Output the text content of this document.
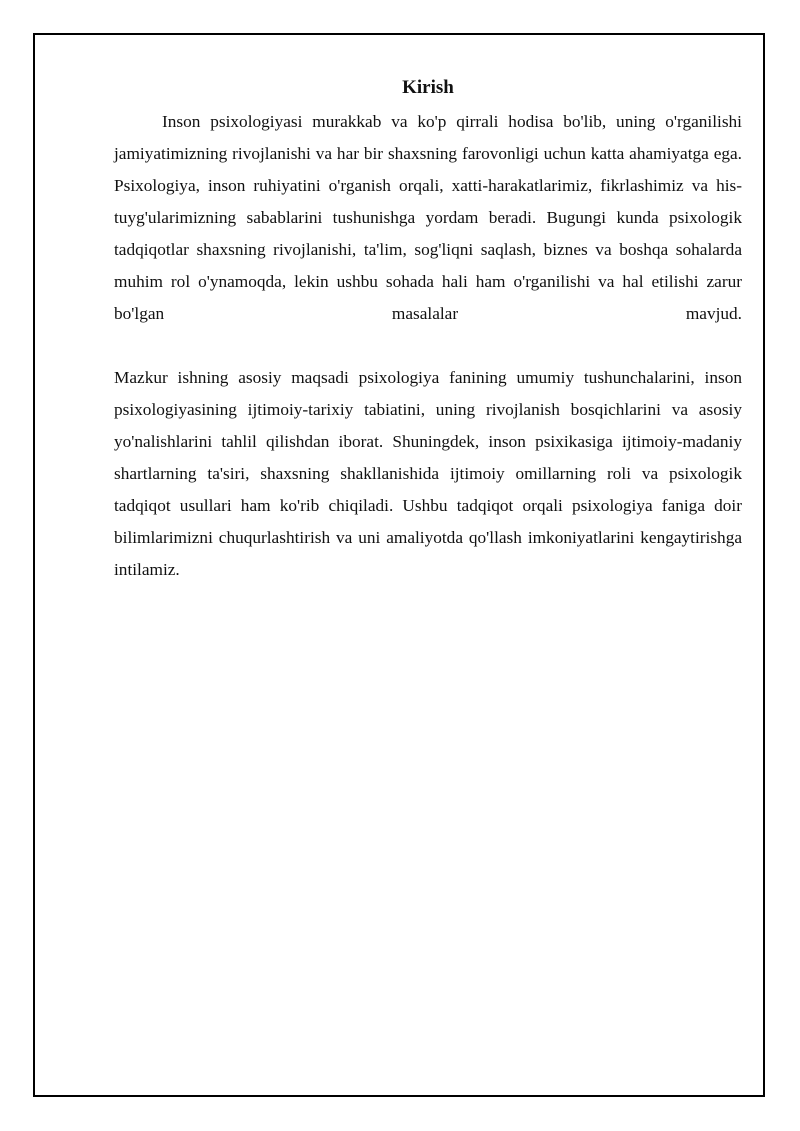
Kirish

Inson psixologiyasi murakkab va ko'p qirrali hodisa bo'lib, uning o'rganilishi jamiyatimizning rivojlanishi va har bir shaxsning farovonligi uchun katta ahamiyatga ega. Psixologiya, inson ruhiyatini o'rganish orqali, xatti-harakatlarimiz, fikrlashimiz va his-tuyg'ularimizning sabablarini tushunishga yordam beradi. Bugungi kunda psixologik tadqiqotlar shaxsning rivojlanishi, ta'lim, sog'liqni saqlash, biznes va boshqa sohalarda muhim rol o'ynamoqda, lekin ushbu sohada hali ham o'rganilishi va hal etilishi zarur bo'lgan masalalar mavjud.

Mazkur ishning asosiy maqsadi psixologiya fanining umumiy tushunchalarini, inson psixologiyasining ijtimoiy-tarixiy tabiatini, uning rivojlanish bosqichlarini va asosiy yo'nalishlarini tahlil qilishdan iborat. Shuningdek, inson psixikasiga ijtimoiy-madaniy shartlarning ta'siri, shaxsning shakllanishida ijtimoiy omillarning roli va psixologik tadqiqot usullari ham ko'rib chiqiladi. Ushbu tadqiqot orqali psixologiya faniga doir bilimlarimizni chuqurlashtirish va uni amaliyotda qo'llash imkoniyatlarini kengaytirishga intilamiz.
